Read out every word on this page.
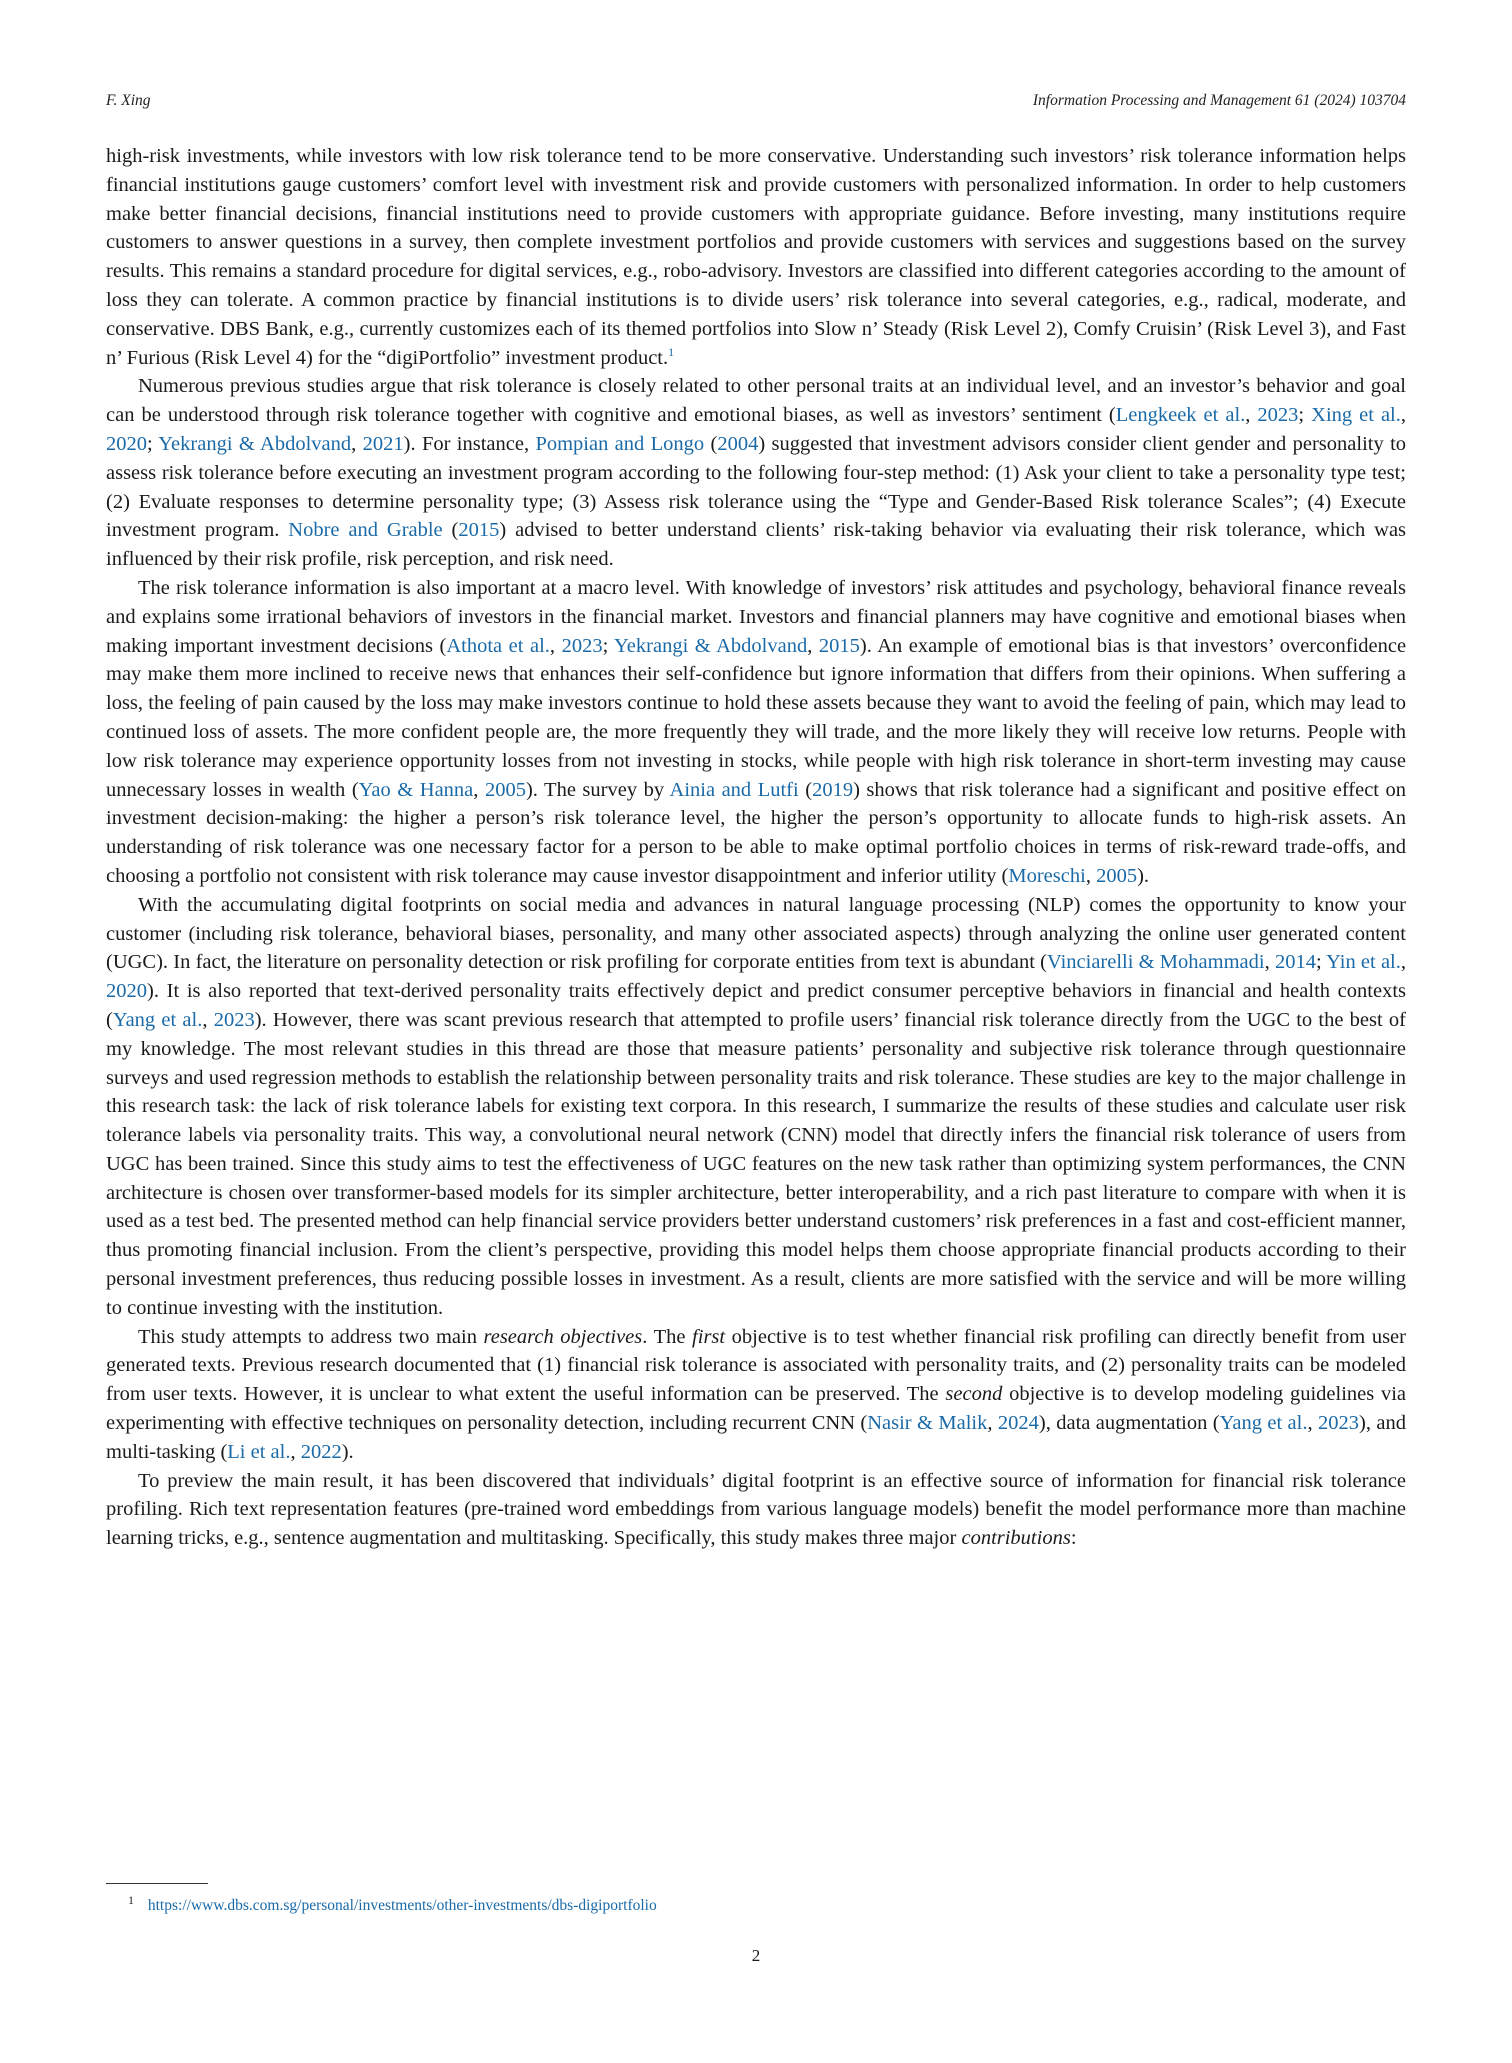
F. Xing	Information Processing and Management 61 (2024) 103704

high-risk investments, while investors with low risk tolerance tend to be more conservative. Understanding such investors’ risk tolerance information helps financial institutions gauge customers’ comfort level with investment risk and provide customers with personalized information. In order to help customers make better financial decisions, financial institutions need to provide customers with appropriate guidance. Before investing, many institutions require customers to answer questions in a survey, then complete investment portfolios and provide customers with services and suggestions based on the survey results. This remains a standard procedure for digital services, e.g., robo-advisory. Investors are classified into different categories according to the amount of loss they can tolerate. A common practice by financial institutions is to divide users’ risk tolerance into several categories, e.g., radical, moderate, and conservative. DBS Bank, e.g., currently customizes each of its themed portfolios into Slow n’ Steady (Risk Level 2), Comfy Cruisin’ (Risk Level 3), and Fast n’ Furious (Risk Level 4) for the “digiPortfolio” investment product.$^1$

Numerous previous studies argue that risk tolerance is closely related to other personal traits at an individual level, and an investor’s behavior and goal can be understood through risk tolerance together with cognitive and emotional biases, as well as investors’ sentiment (Lengkeek et al., 2023; Xing et al., 2020; Yekrangi & Abdolvand, 2021). For instance, Pompian and Longo (2004) suggested that investment advisors consider client gender and personality to assess risk tolerance before executing an investment program according to the following four-step method: (1) Ask your client to take a personality type test; (2) Evaluate responses to determine personality type; (3) Assess risk tolerance using the “Type and Gender-Based Risk tolerance Scales”; (4) Execute investment program. Nobre and Grable (2015) advised to better understand clients’ risk-taking behavior via evaluating their risk tolerance, which was influenced by their risk profile, risk perception, and risk need.

The risk tolerance information is also important at a macro level. With knowledge of investors’ risk attitudes and psychology, behavioral finance reveals and explains some irrational behaviors of investors in the financial market. Investors and financial planners may have cognitive and emotional biases when making important investment decisions (Athota et al., 2023; Yekrangi & Abdolvand, 2015). An example of emotional bias is that investors’ overconfidence may make them more inclined to receive news that enhances their self-confidence but ignore information that differs from their opinions. When suffering a loss, the feeling of pain caused by the loss may make investors continue to hold these assets because they want to avoid the feeling of pain, which may lead to continued loss of assets. The more confident people are, the more frequently they will trade, and the more likely they will receive low returns. People with low risk tolerance may experience opportunity losses from not investing in stocks, while people with high risk tolerance in short-term investing may cause unnecessary losses in wealth (Yao & Hanna, 2005). The survey by Ainia and Lutfi (2019) shows that risk tolerance had a significant and positive effect on investment decision-making: the higher a person’s risk tolerance level, the higher the person’s opportunity to allocate funds to high-risk assets. An understanding of risk tolerance was one necessary factor for a person to be able to make optimal portfolio choices in terms of risk-reward trade-offs, and choosing a portfolio not consistent with risk tolerance may cause investor disappointment and inferior utility (Moreschi, 2005).

With the accumulating digital footprints on social media and advances in natural language processing (NLP) comes the opportunity to know your customer (including risk tolerance, behavioral biases, personality, and many other associated aspects) through analyzing the online user generated content (UGC). In fact, the literature on personality detection or risk profiling for corporate entities from text is abundant (Vinciarelli & Mohammadi, 2014; Yin et al., 2020). It is also reported that text-derived personality traits effectively depict and predict consumer perceptive behaviors in financial and health contexts (Yang et al., 2023). However, there was scant previous research that attempted to profile users’ financial risk tolerance directly from the UGC to the best of my knowledge. The most relevant studies in this thread are those that measure patients’ personality and subjective risk tolerance through questionnaire surveys and used regression methods to establish the relationship between personality traits and risk tolerance. These studies are key to the major challenge in this research task: the lack of risk tolerance labels for existing text corpora. In this research, I summarize the results of these studies and calculate user risk tolerance labels via personality traits. This way, a convolutional neural network (CNN) model that directly infers the financial risk tolerance of users from UGC has been trained. Since this study aims to test the effectiveness of UGC features on the new task rather than optimizing system performances, the CNN architecture is chosen over transformer-based models for its simpler architecture, better interoperability, and a rich past literature to compare with when it is used as a test bed. The presented method can help financial service providers better understand customers’ risk preferences in a fast and cost-efficient manner, thus promoting financial inclusion. From the client’s perspective, providing this model helps them choose appropriate financial products according to their personal investment preferences, thus reducing possible losses in investment. As a result, clients are more satisfied with the service and will be more willing to continue investing with the institution.

This study attempts to address two main research objectives. The first objective is to test whether financial risk profiling can directly benefit from user generated texts. Previous research documented that (1) financial risk tolerance is associated with personality traits, and (2) personality traits can be modeled from user texts. However, it is unclear to what extent the useful information can be preserved. The second objective is to develop modeling guidelines via experimenting with effective techniques on personality detection, including recurrent CNN (Nasir & Malik, 2024), data augmentation (Yang et al., 2023), and multi-tasking (Li et al., 2022).

To preview the main result, it has been discovered that individuals’ digital footprint is an effective source of information for financial risk tolerance profiling. Rich text representation features (pre-trained word embeddings from various language models) benefit the model performance more than machine learning tricks, e.g., sentence augmentation and multitasking. Specifically, this study makes three major contributions:

$^1$ https://www.dbs.com.sg/personal/investments/other-investments/dbs-digiportfolio
2
